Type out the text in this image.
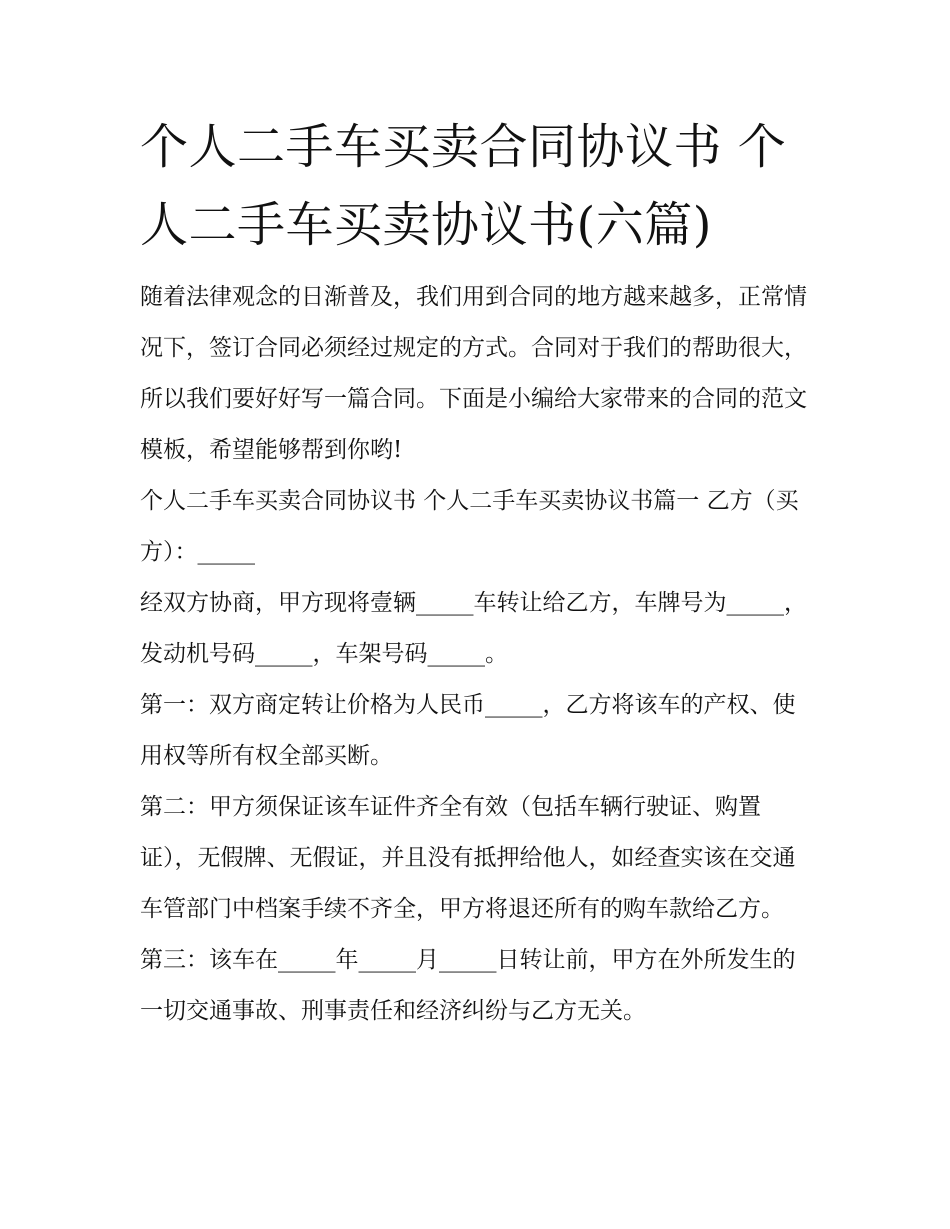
个人二手车买卖合同协议书 个人二手车买卖协议书(六篇)

随着法律观念的日渐普及，我们用到合同的地方越来越多，正常情况下，签订合同必须经过规定的方式。合同对于我们的帮助很大，所以我们要好好写一篇合同。下面是小编给大家带来的合同的范文模板，希望能够帮到你哟!

个人二手车买卖合同协议书 个人二手车买卖协议书篇一 乙方（买方）：_____

经双方协商，甲方现将壹辆_____车转让给乙方，车牌号为_____，发动机号码_____，车架号码_____。

第一：双方商定转让价格为人民币_____，乙方将该车的产权、使用权等所有权全部买断。

第二：甲方须保证该车证件齐全有效（包括车辆行驶证、购置证），无假牌、无假证，并且没有抵押给他人，如经查实该在交通车管部门中档案手续不齐全，甲方将退还所有的购车款给乙方。

第三：该车在_____年_____月_____日转让前，甲方在外所发生的一切交通事故、刑事责任和经济纠纷与乙方无关。
